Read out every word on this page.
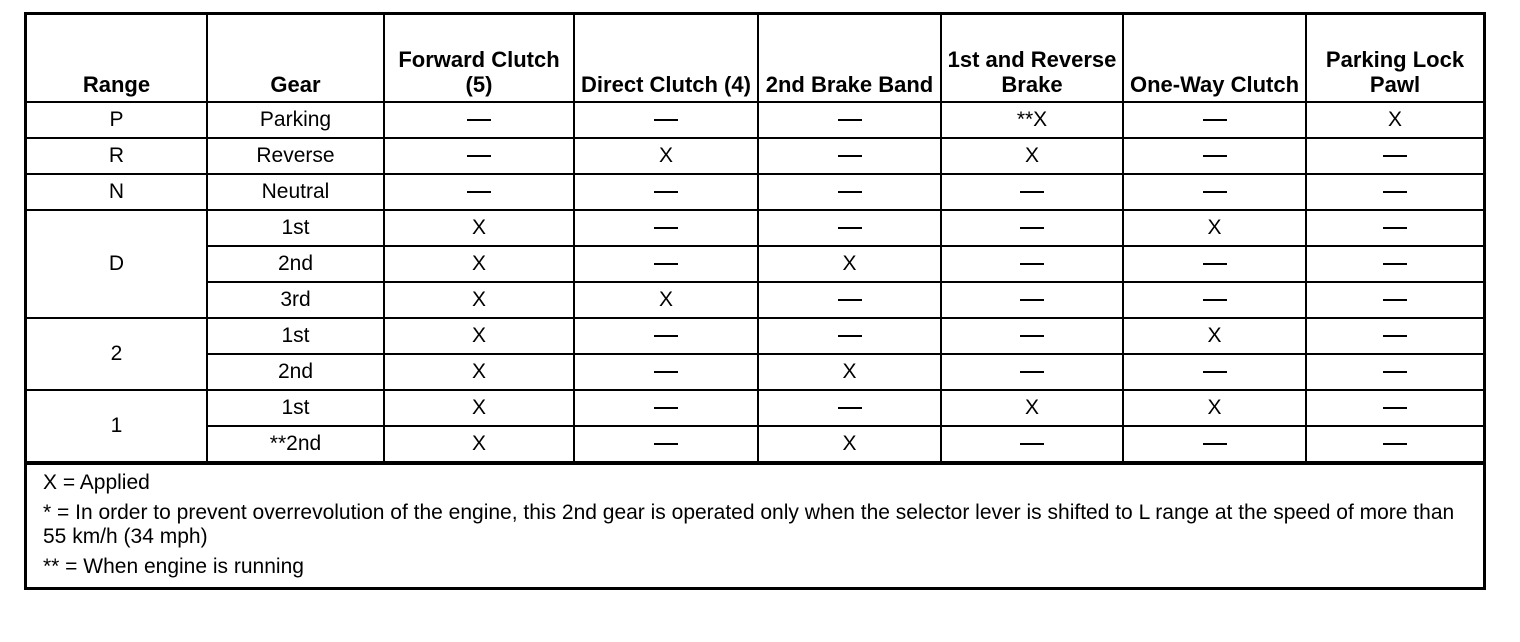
Range	Gear	Forward Clutch (5)	Direct Clutch (4)	2nd Brake Band	1st and Reverse Brake	One-Way Clutch	Parking Lock Pawl
P	Parking				**X		X
R	Reverse		X		X		
N	Neutral						
D	1st	X				X	
	2nd	X		X			
	3rd	X	X				
2	1st	X				X	
	2nd	X		X			
1	1st	X			X	X	
	**2nd	X		X			
X = Applied
* = In order to prevent overrevolution of the engine, this 2nd gear is operated only when the selector lever is shifted to L range at the speed of more than 55 km/h (34 mph)
** = When engine is running
